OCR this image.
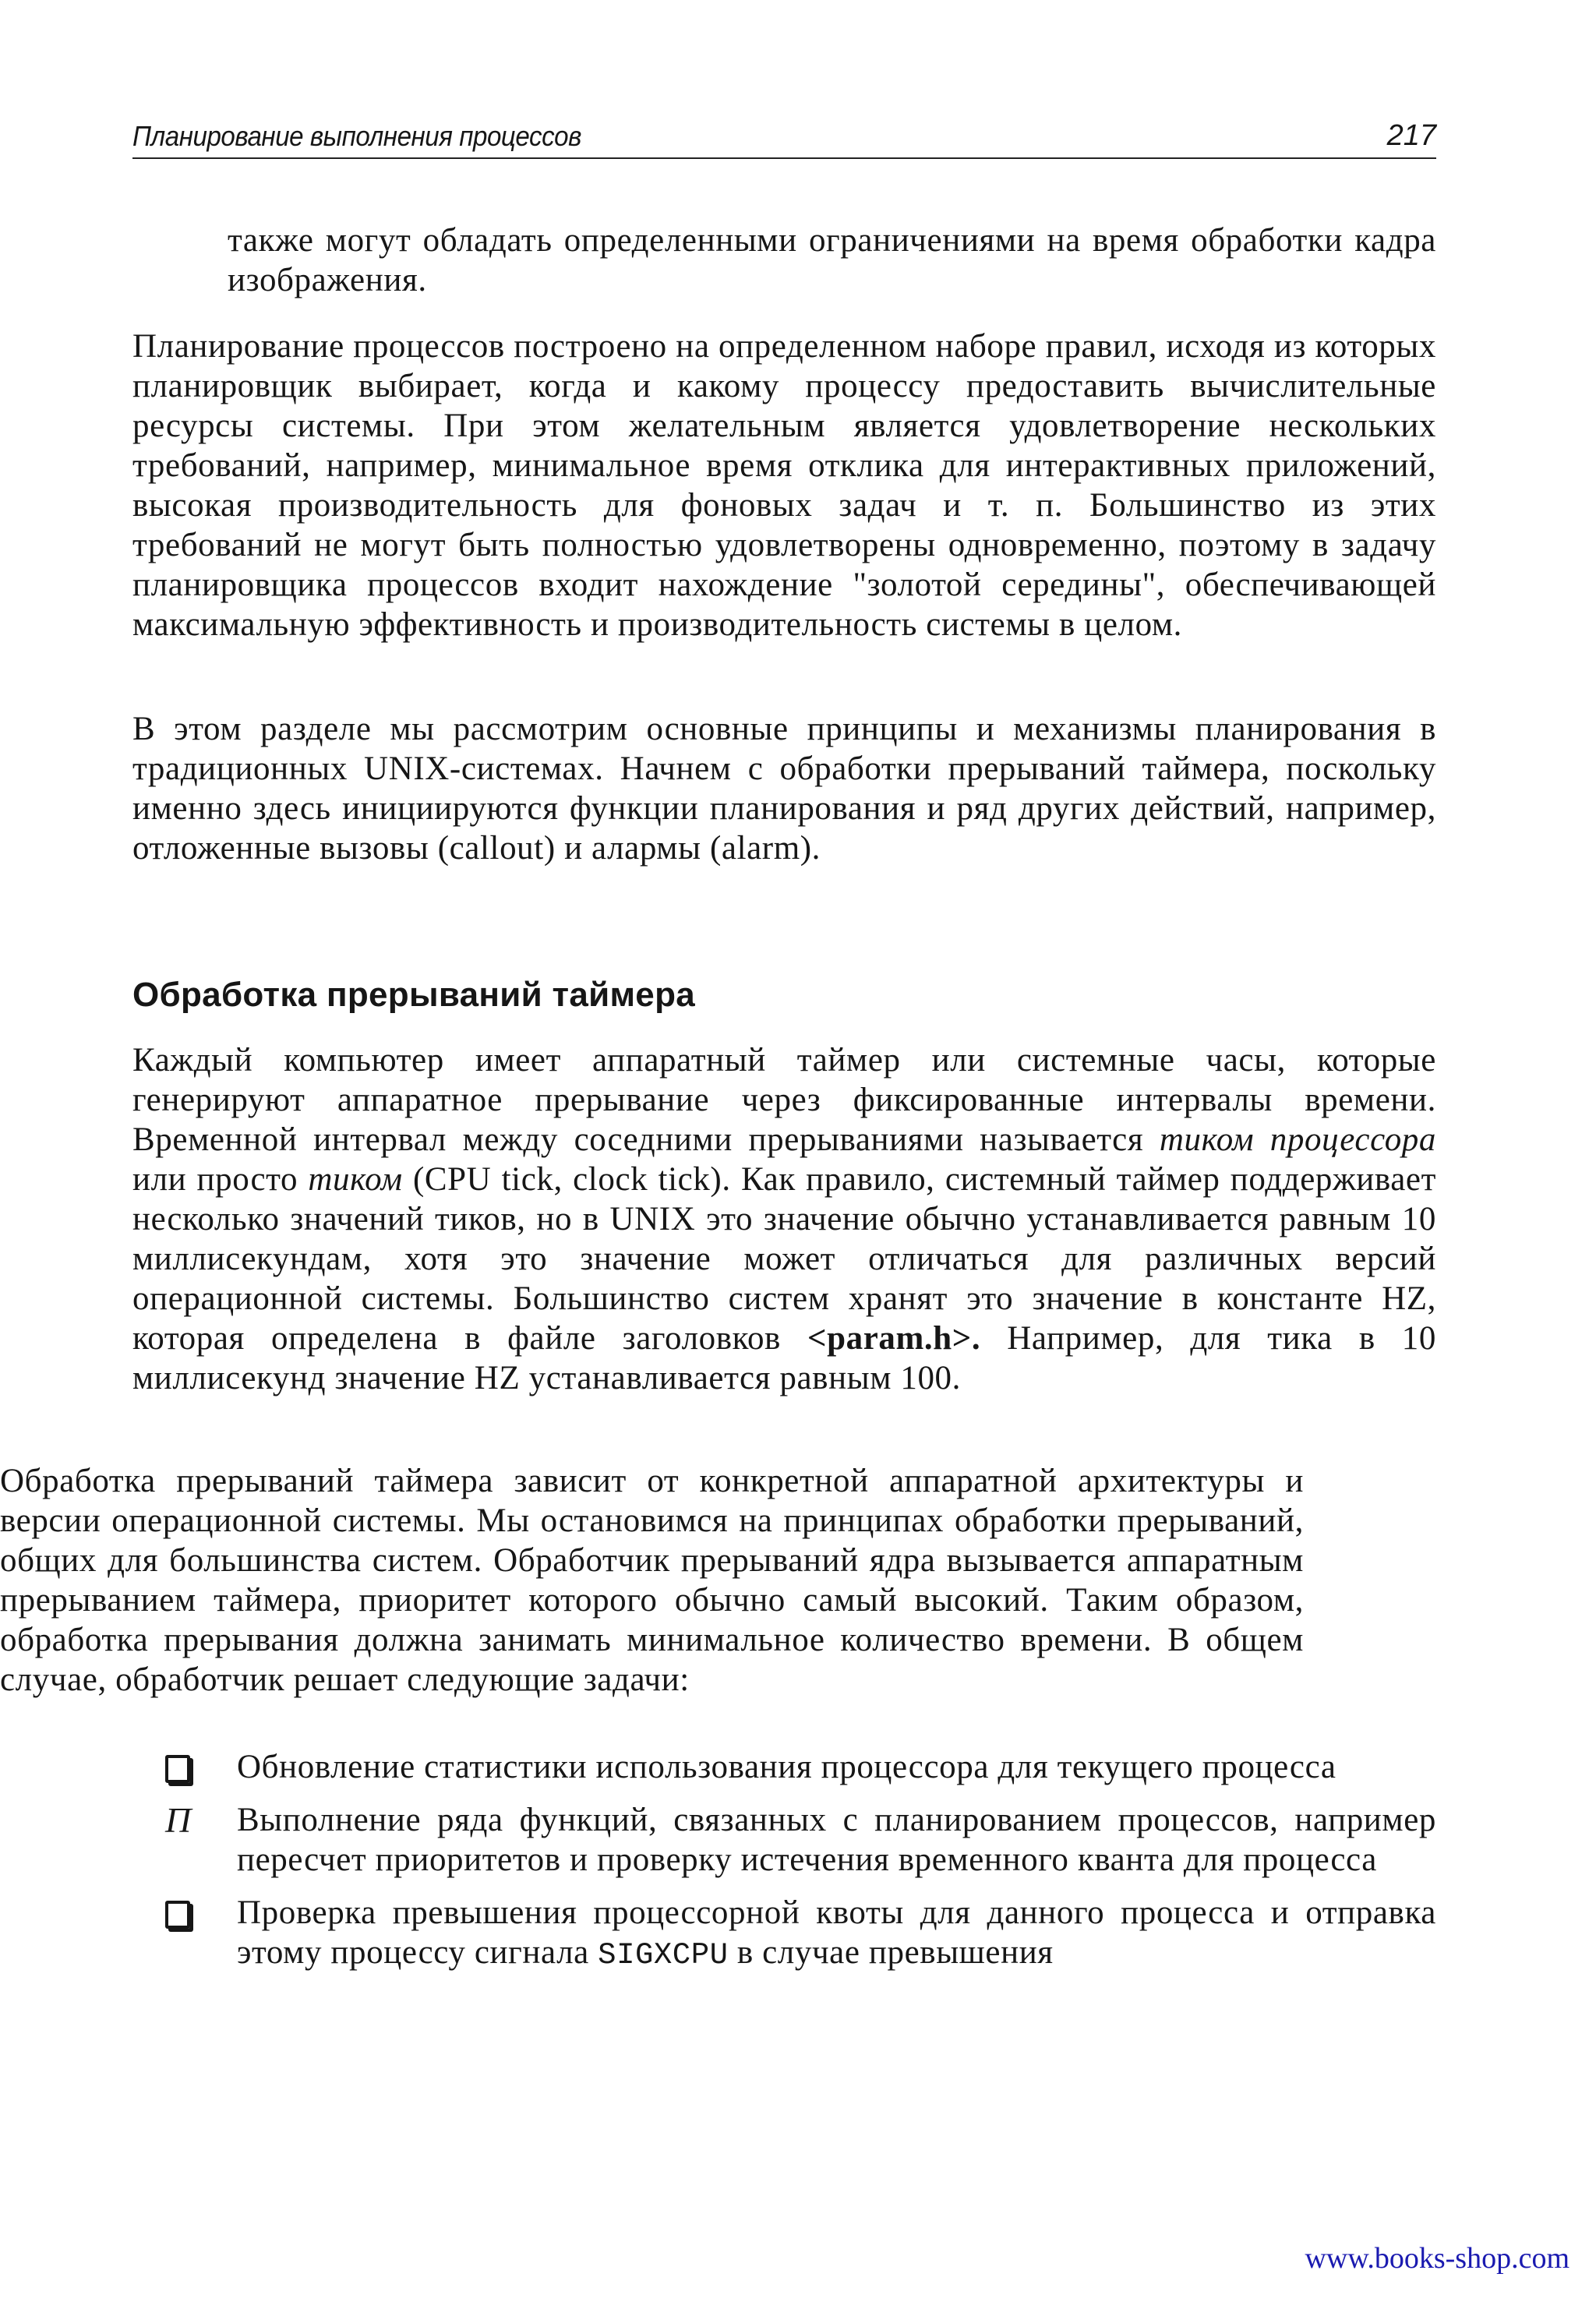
Планирование выполнения процессов	217

также могут обладать определенными ограничениями на время обработки кадра изображения.

Планирование процессов построено на определенном наборе правил, исходя из которых планировщик выбирает, когда и какому процессу предоставить вычислительные ресурсы системы. При этом желательным является удовлетворение нескольких требований, например, минимальное время отклика для интерактивных приложений, высокая производительность для фоновых задач и т. п. Большинство из этих требований не могут быть полностью удовлетворены одновременно, поэтому в задачу планировщика процессов входит нахождение "золотой середины", обеспечивающей максимальную эффективность и производительность системы в целом.

В этом разделе мы рассмотрим основные принципы и механизмы планирования в традиционных UNIX-системах. Начнем с обработки прерываний таймера, поскольку именно здесь инициируются функции планирования и ряд других действий, например, отложенные вызовы (callout) и алармы (alarm).

Обработка прерываний таймера

Каждый компьютер имеет аппаратный таймер или системные часы, которые генерируют аппаратное прерывание через фиксированные интервалы времени. Временной интервал между соседними прерываниями называется тиком процессора или просто тиком (CPU tick, clock tick). Как правило, системный таймер поддерживает несколько значений тиков, но в UNIX это значение обычно устанавливается равным 10 миллисекундам, хотя это значение может отличаться для различных версий операционной системы. Большинство систем хранят это значение в константе HZ, которая определена в файле заголовков <param.h>. Например, для тика в 10 миллисекунд значение HZ устанавливается равным 100.

Обработка прерываний таймера зависит от конкретной аппаратной архитектуры и версии операционной системы. Мы остановимся на принципах обработки прерываний, общих для большинства систем. Обработчик прерываний ядра вызывается аппаратным прерыванием таймера, приоритет которого обычно самый высокий. Таким образом, обработка прерывания должна занимать минимальное количество времени. В общем случае, обработчик решает следующие задачи:

Обновление статистики использования процессора для текущего процесса
П	Выполнение ряда функций, связанных с планированием процессов, например пересчет приоритетов и проверку истечения временного кванта для процесса
Проверка превышения процессорной квоты для данного процесса и отправка этому процессу сигнала SIGXCPU в случае превышения
www.books-shop.com
